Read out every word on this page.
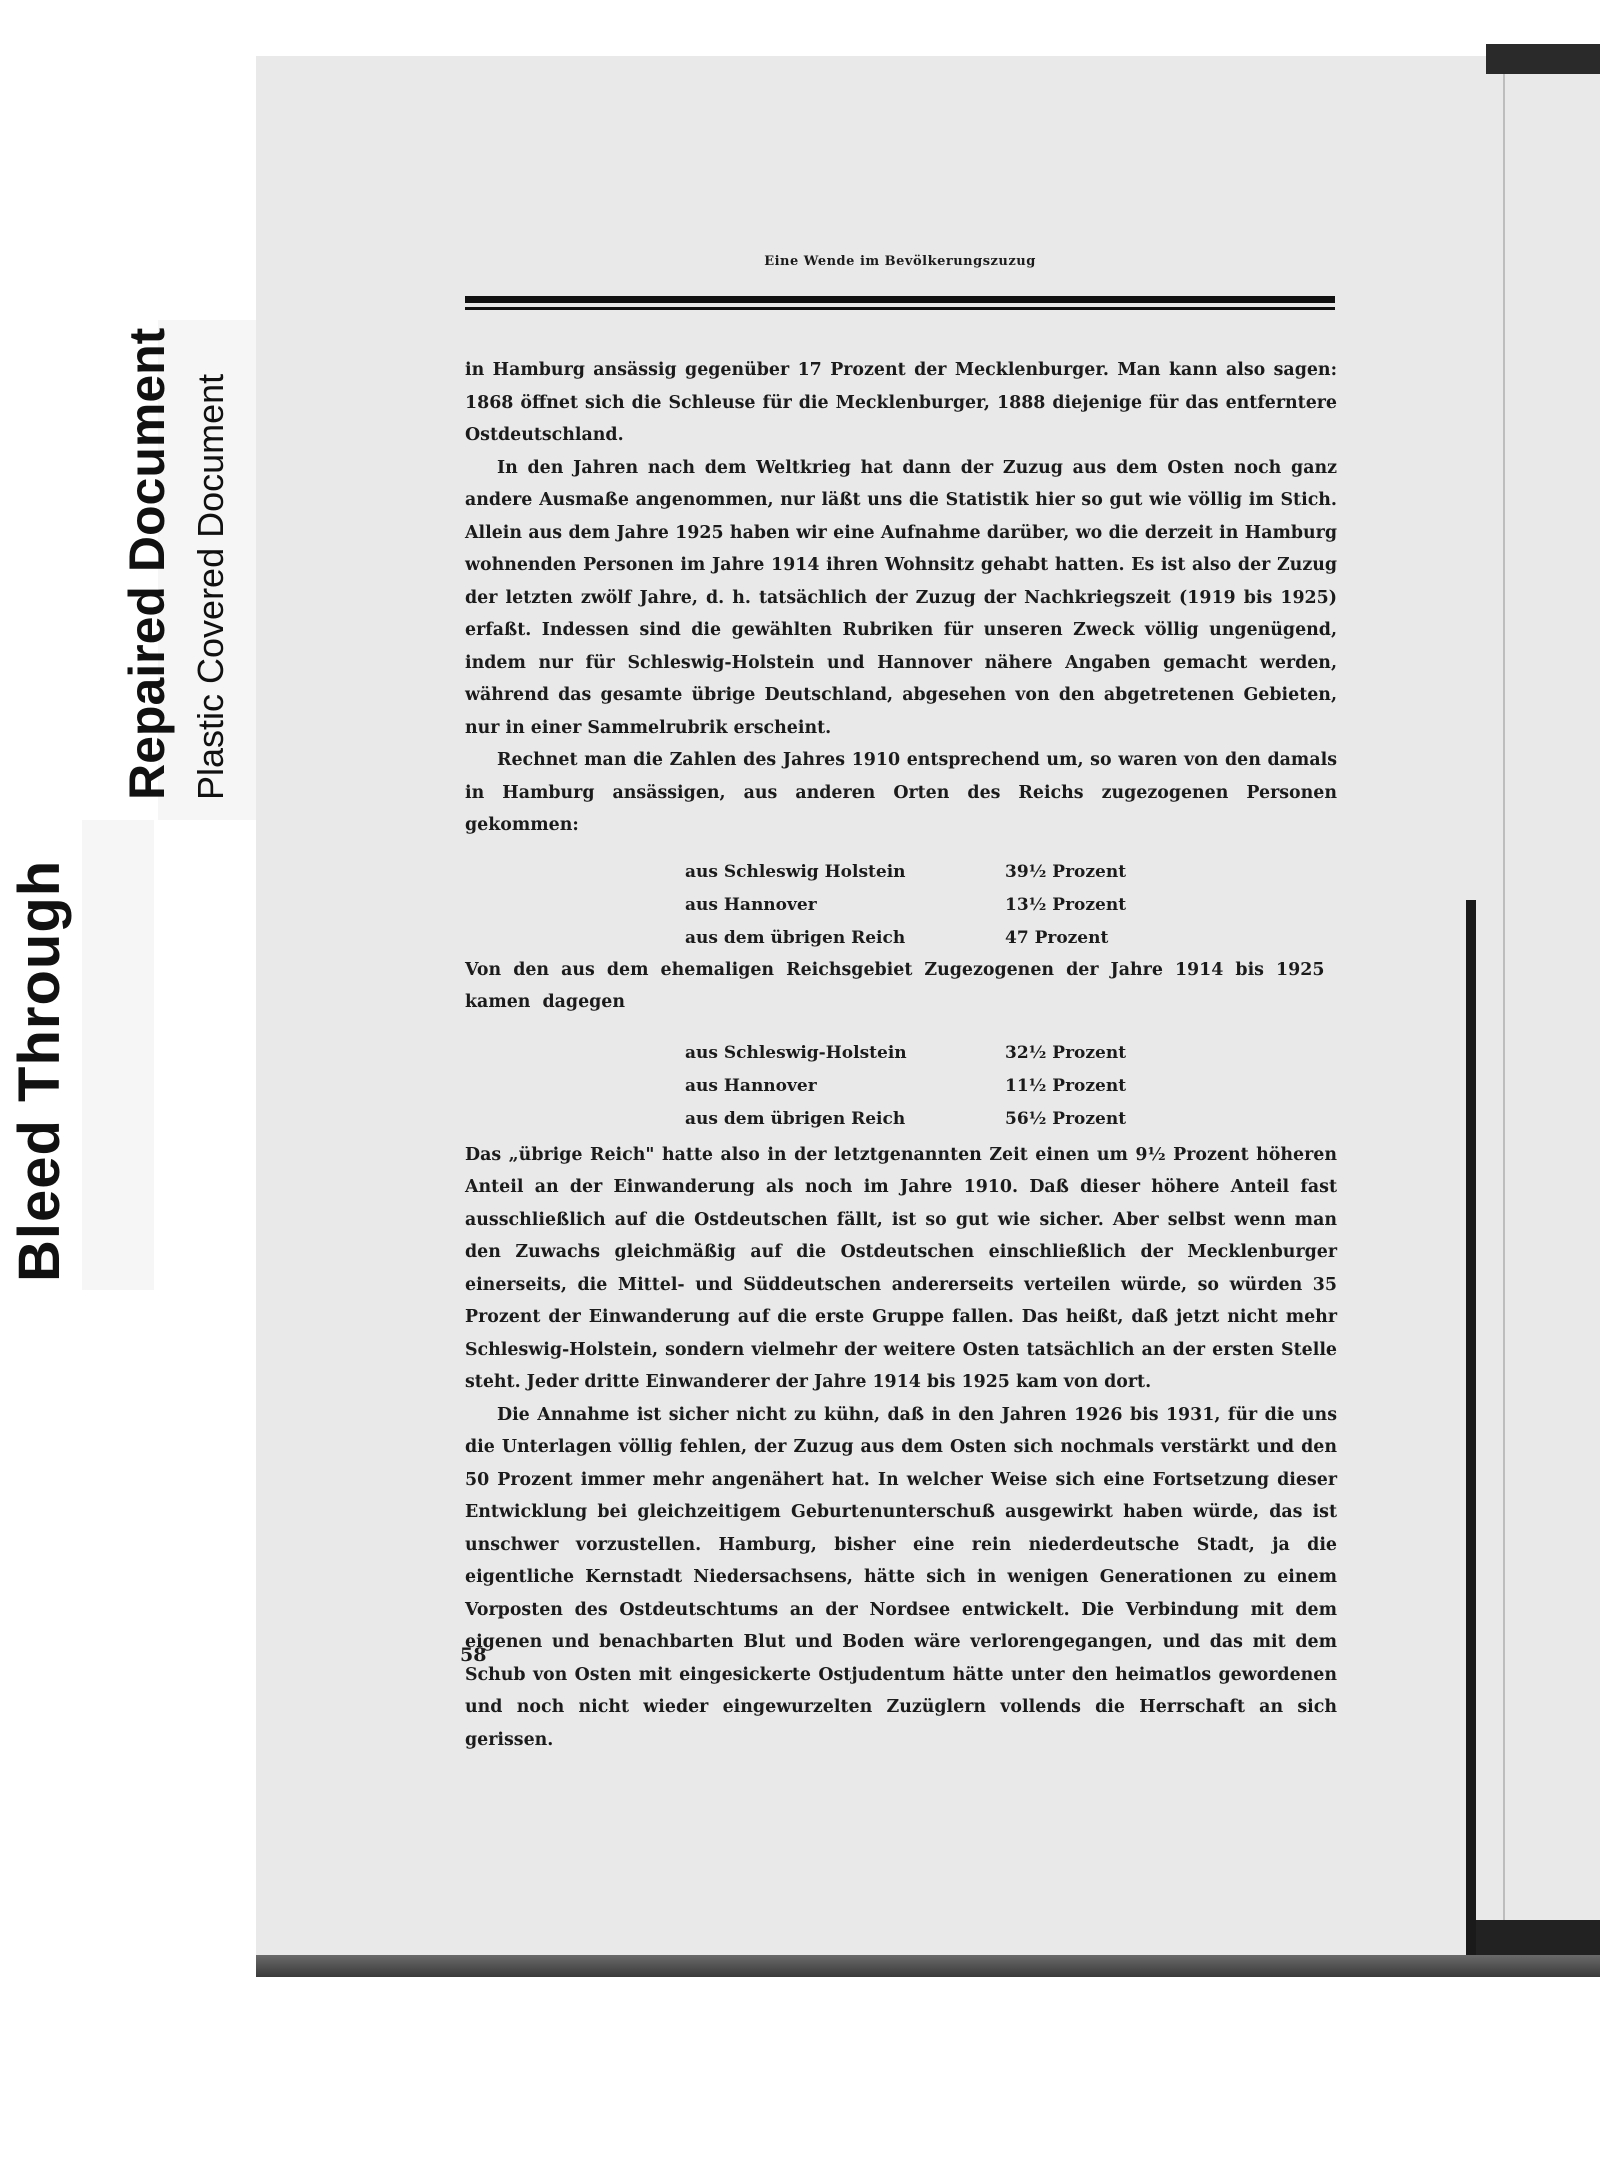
Bleed Through
Repaired Document Plastic Covered Document
Eine Wende im Bevölkerungszuzug

in Hamburg ansässig gegenüber 17 Prozent der Mecklenburger. Man kann also sagen: 1868 öffnet sich die Schleuse für die Mecklenburger, 1888 diejenige für das entferntere Ostdeutschland.

In den Jahren nach dem Weltkrieg hat dann der Zuzug aus dem Osten noch ganz andere Ausmaße angenommen, nur läßt uns die Statistik hier so gut wie völlig im Stich. Allein aus dem Jahre 1925 haben wir eine Aufnahme darüber, wo die derzeit in Hamburg wohnenden Personen im Jahre 1914 ihren Wohnsitz gehabt hatten. Es ist also der Zuzug der letzten zwölf Jahre, d. h. tatsächlich der Zuzug der Nachkriegszeit (1919 bis 1925) erfaßt. Indessen sind die gewählten Rubriken für unseren Zweck völlig ungenügend, indem nur für Schleswig-Holstein und Hannover nähere Angaben gemacht werden, während das gesamte übrige Deutschland, abgesehen von den abgetretenen Gebieten, nur in einer Sammelrubrik erscheint.

Rechnet man die Zahlen des Jahres 1910 entsprechend um, so waren von den damals in Hamburg ansässigen, aus anderen Orten des Reichs zugezogenen Personen gekommen:

aus Schleswig Holstein	39½ Prozent
aus Hannover	13½ Prozent
aus dem übrigen Reich	47 Prozent

Von den aus dem ehemaligen Reichsgebiet Zugezogenen der Jahre 1914 bis 1925 kamen dagegen

aus Schleswig-Holstein	32½ Prozent
aus Hannover	11½ Prozent
aus dem übrigen Reich	56½ Prozent

Das „übrige Reich" hatte also in der letztgenannten Zeit einen um 9½ Prozent höheren Anteil an der Einwanderung als noch im Jahre 1910. Daß dieser höhere Anteil fast ausschließlich auf die Ostdeutschen fällt, ist so gut wie sicher. Aber selbst wenn man den Zuwachs gleichmäßig auf die Ostdeutschen einschließlich der Mecklenburger einerseits, die Mittel- und Süddeutschen andererseits verteilen würde, so würden 35 Prozent der Einwanderung auf die erste Gruppe fallen. Das heißt, daß jetzt nicht mehr Schleswig-Holstein, sondern vielmehr der weitere Osten tatsächlich an der ersten Stelle steht. Jeder dritte Einwanderer der Jahre 1914 bis 1925 kam von dort.

Die Annahme ist sicher nicht zu kühn, daß in den Jahren 1926 bis 1931, für die uns die Unterlagen völlig fehlen, der Zuzug aus dem Osten sich nochmals verstärkt und den 50 Prozent immer mehr angenähert hat. In welcher Weise sich eine Fortsetzung dieser Entwicklung bei gleichzeitigem Geburtenunterschuß ausgewirkt haben würde, das ist unschwer vorzustellen. Hamburg, bisher eine rein niederdeutsche Stadt, ja die eigentliche Kernstadt Niedersachsens, hätte sich in wenigen Generationen zu einem Vorposten des Ostdeutschtums an der Nordsee entwickelt. Die Verbindung mit dem eigenen und benachbarten Blut und Boden wäre verlorengegangen, und das mit dem Schub von Osten mit eingesickerte Ostjudentum hätte unter den heimatlos gewordenen und noch nicht wieder eingewurzelten Zuzüglern vollends die Herrschaft an sich gerissen.

58
